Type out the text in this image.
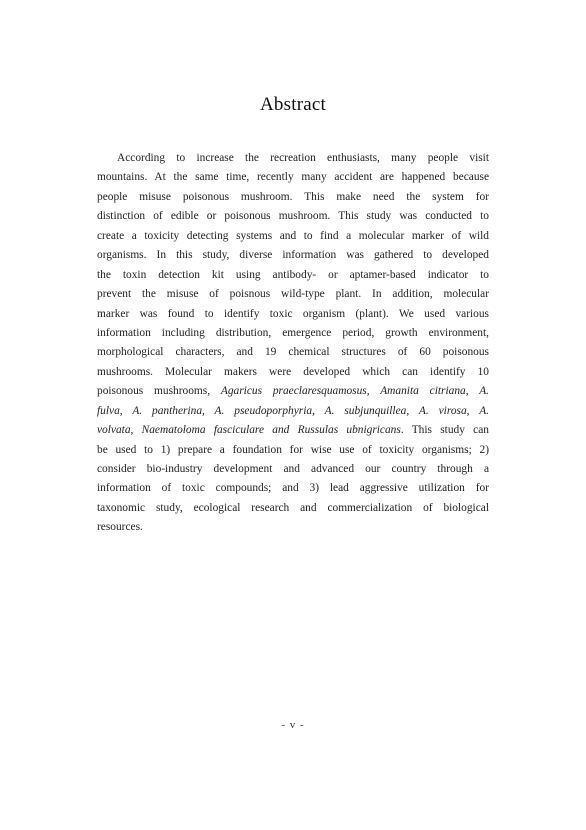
Abstract
According to increase the recreation enthusiasts, many people visit
mountains. At the same time, recently many accident are happened because
people misuse poisonous mushroom. This make need the system for
distinction of edible or poisonous mushroom. This study was conducted to
create a toxicity detecting systems and to find a molecular marker of wild
organisms. In this study, diverse information was gathered to developed
the toxin detection kit using antibody- or aptamer-based indicator to
prevent the misuse of poisnous wild-type plant. In addition, molecular
marker was found to identify toxic organism (plant). We used various
information including distribution, emergence period, growth environment,
morphological characters, and 19 chemical structures of 60 poisonous
mushrooms. Molecular makers were developed which can identify 10
poisonous mushrooms, Agaricus praeclaresquamosus, Amanita citriana, A.
fulva, A. pantherina, A. pseudoporphyria, A. subjunquillea, A. virosa, A.
volvata, Naematoloma fasciculare and Russulas ubnigricans. This study can
be used to 1) prepare a foundation for wise use of toxicity organisms; 2)
consider bio-industry development and advanced our country through a
information of toxic compounds; and 3) lead aggressive utilization for
taxonomic study, ecological research and commercialization of biological
resources.
- v -
